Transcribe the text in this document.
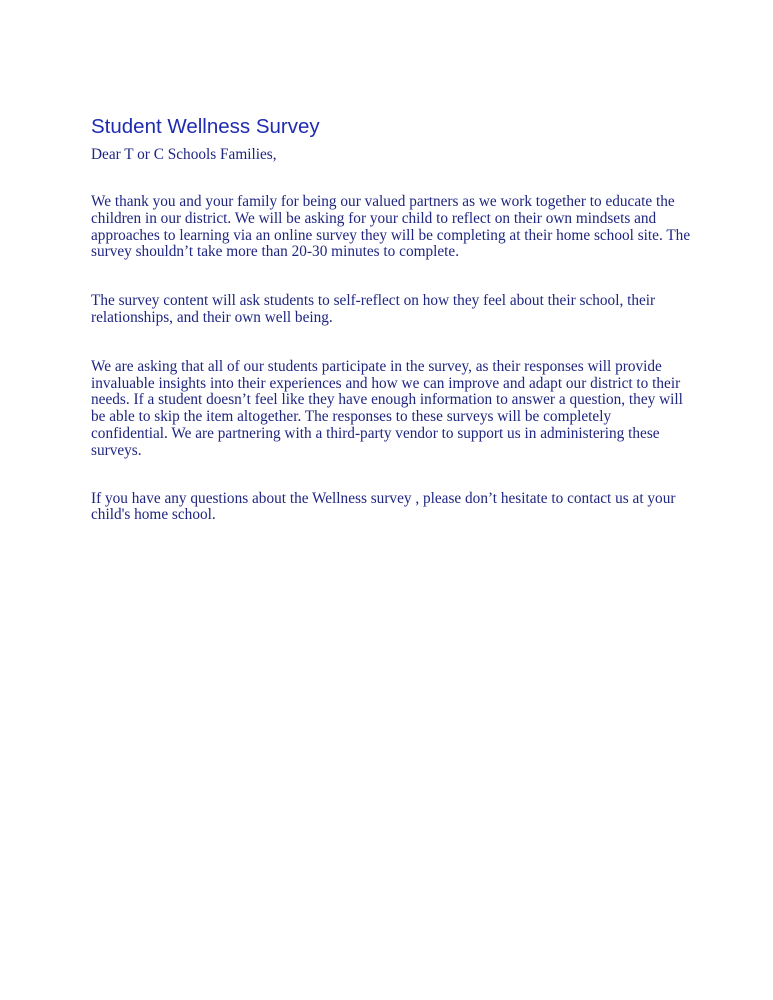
Student Wellness Survey

Dear T or C Schools Families,

We thank you and your family for being our valued partners as we work together to educate the children in our district. We will be asking for your child to reflect on their own mindsets and approaches to learning via an online survey they will be completing at their home school site. The survey shouldn’t take more than 20-30 minutes to complete.

The survey content will ask students to self-reflect on how they feel about their school, their relationships, and their own well being.

We are asking that all of our students participate in the survey, as their responses will provide invaluable insights into their experiences and how we can improve and adapt our district to their needs. If a student doesn’t feel like they have enough information to answer a question, they will be able to skip the item altogether. The responses to these surveys will be completely confidential. We are partnering with a third-party vendor to support us in administering these surveys.

If you have any questions about the Wellness survey , please don’t hesitate to contact us at your child's home school.
